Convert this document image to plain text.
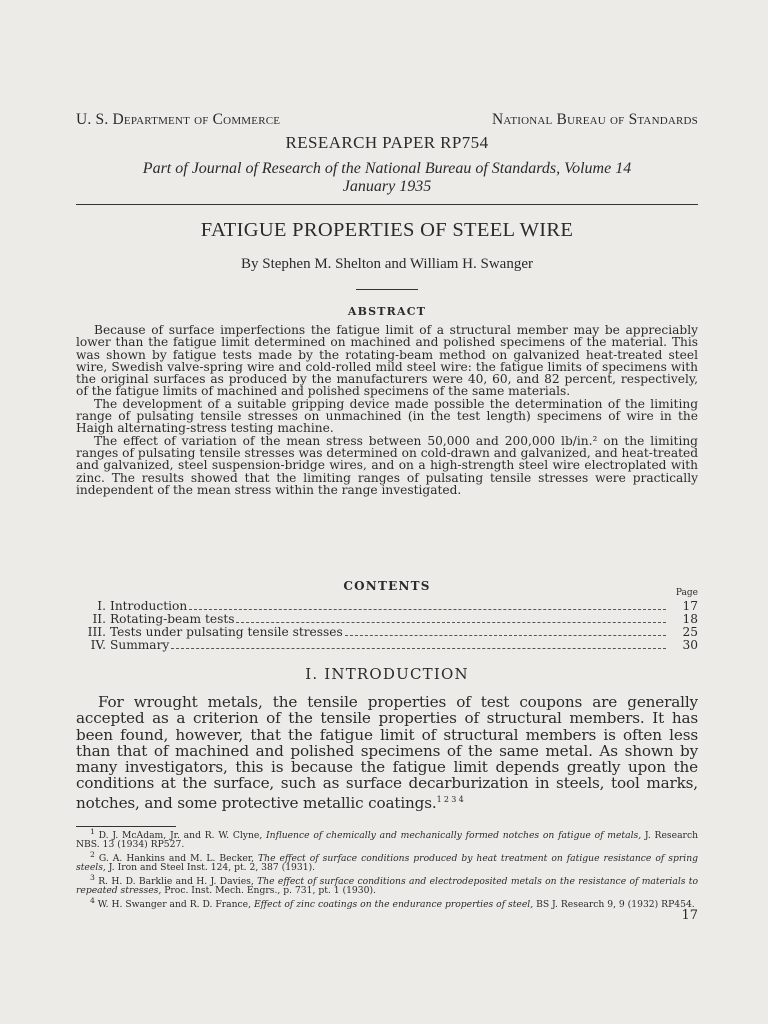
U. S. Department of Commerce	National Bureau of Standards
RESEARCH PAPER RP754
Part of Journal of Research of the National Bureau of Standards, Volume 14
January 1935
FATIGUE PROPERTIES OF STEEL WIRE
By Stephen M. Shelton and William H. Swanger
ABSTRACT

Because of surface imperfections the fatigue limit of a structural member may be appreciably lower than the fatigue limit determined on machined and polished specimens of the material. This was shown by fatigue tests made by the rotating-beam method on galvanized heat-treated steel wire, Swedish valve-spring wire and cold-rolled mild steel wire: the fatigue limits of specimens with the original surfaces as produced by the manufacturers were 40, 60, and 82 percent, respectively, of the fatigue limits of machined and polished specimens of the same materials.

The development of a suitable gripping device made possible the determination of the limiting range of pulsating tensile stresses on unmachined (in the test length) specimens of wire in the Haigh alternating-stress testing machine.

The effect of variation of the mean stress between 50,000 and 200,000 lb/in.² on the limiting ranges of pulsating tensile stresses was determined on cold-drawn and galvanized, and heat-treated and galvanized, steel suspension-bridge wires, and on a high-strength steel wire electroplated with zinc. The results showed that the limiting ranges of pulsating tensile stresses were practically independent of the mean stress within the range investigated.

CONTENTS	Page
I. Introduction	17
II. Rotating-beam tests	18
III. Tests under pulsating tensile stresses	25
IV. Summary	30
I. INTRODUCTION
For wrought metals, the tensile properties of test coupons are generally accepted as a criterion of the tensile properties of structural members. It has been found, however, that the fatigue limit of structural members is often less than that of machined and polished specimens of the same metal. As shown by many investigators, this is because the fatigue limit depends greatly upon the conditions at the surface, such as surface decarburization in steels, tool marks, notches, and some protective metallic coatings.$^{1 2 3 4}$

$^1$ D. J. McAdam, Jr. and R. W. Clyne, Influence of chemically and mechanically formed notches on fatigue of metals, J. Research NBS. 13 (1934) RP527.

$^2$ G. A. Hankins and M. L. Becker, The effect of surface conditions produced by heat treatment on fatigue resistance of spring steels, J. Iron and Steel Inst. 124, pt. 2, 387 (1931).

$^3$ R. H. D. Barklie and H. J. Davies, The effect of surface conditions and electrodeposited metals on the resistance of materials to repeated stresses, Proc. Inst. Mech. Engrs., p. 731, pt. 1 (1930).

$^4$ W. H. Swanger and R. D. France, Effect of zinc coatings on the endurance properties of steel, BS J. Research 9, 9 (1932) RP454.

17
